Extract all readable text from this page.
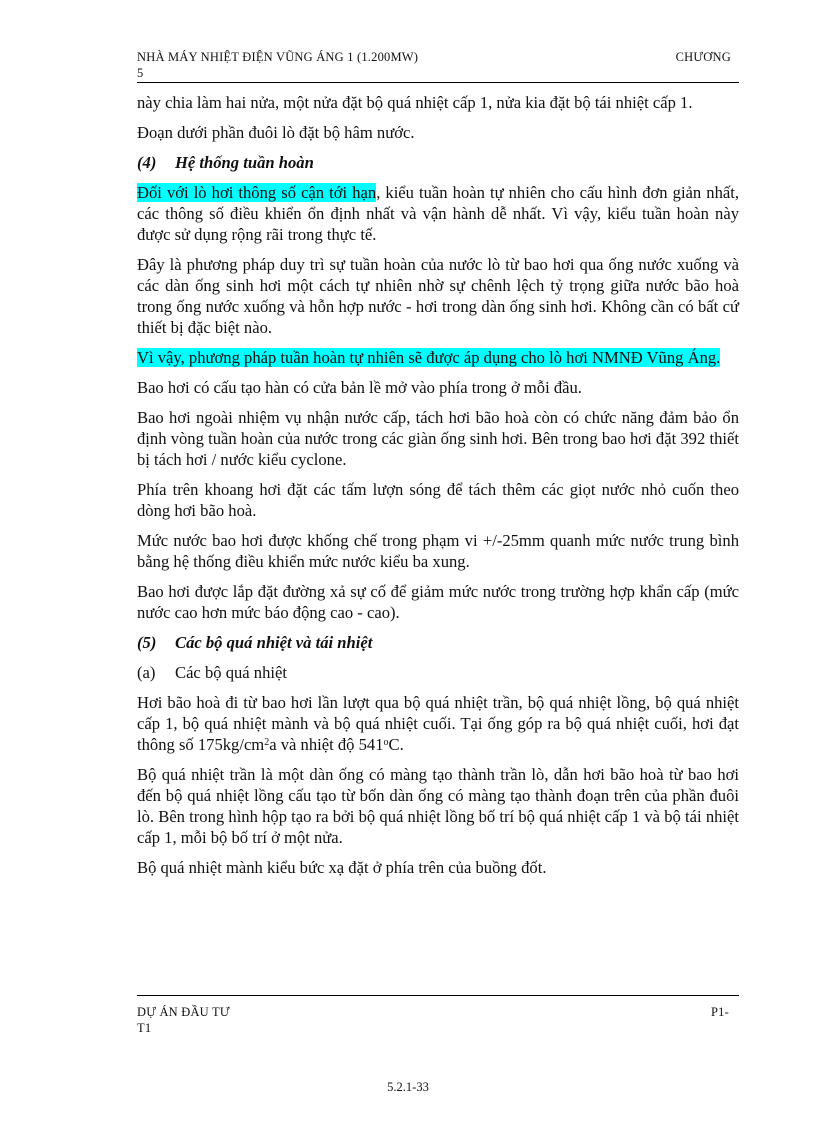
NHÀ MÁY NHIỆT ĐIỆN VŨNG ÁNG 1 (1.200MW)	CHƯƠNG
5

này chia làm hai nửa, một nửa đặt bộ quá nhiệt cấp 1, nửa kia đặt bộ tái nhiệt cấp 1.

Đoạn dưới phần đuôi lò đặt bộ hâm nước.

(4) Hệ thống tuần hoàn

Đối với lò hơi thông số cận tới hạn, kiểu tuần hoàn tự nhiên cho cấu hình đơn giản nhất, các thông số điều khiển ổn định nhất và vận hành dễ nhất. Vì vậy, kiểu tuần hoàn này được sử dụng rộng rãi trong thực tế.

Đây là phương pháp duy trì sự tuần hoàn của nước lò từ bao hơi qua ống nước xuống và các dàn ống sinh hơi một cách tự nhiên nhờ sự chênh lệch tỷ trọng giữa nước bão hoà trong ống nước xuống và hỗn hợp nước - hơi trong dàn ống sinh hơi. Không cần có bất cứ thiết bị đặc biệt nào.

Vì vậy, phương pháp tuần hoàn tự nhiên sẽ được áp dụng cho lò hơi NMNĐ Vũng Áng.

Bao hơi có cấu tạo hàn có cửa bản lề mở vào phía trong ở mỗi đầu.

Bao hơi ngoài nhiệm vụ nhận nước cấp, tách hơi bão hoà còn có chức năng đảm bảo ổn định vòng tuần hoàn của nước trong các giàn ống sinh hơi. Bên trong bao hơi đặt 392 thiết bị tách hơi / nước kiểu cyclone.

Phía trên khoang hơi đặt các tấm lượn sóng để tách thêm các giọt nước nhỏ cuốn theo dòng hơi bão hoà.

Mức nước bao hơi được khống chế trong phạm vi +/-25mm quanh mức nước trung bình bằng hệ thống điều khiển mức nước kiểu ba xung.

Bao hơi được lắp đặt đường xả sự cố để giảm mức nước trong trường hợp khẩn cấp (mức nước cao hơn mức báo động cao - cao).

(5) Các bộ quá nhiệt và tái nhiệt

(a) Các bộ quá nhiệt

Hơi bão hoà đi từ bao hơi lần lượt qua bộ quá nhiệt trần, bộ quá nhiệt lồng, bộ quá nhiệt cấp 1, bộ quá nhiệt mành và bộ quá nhiệt cuối. Tại ống góp ra bộ quá nhiệt cuối, hơi đạt thông số $175kg/cm^2a$ và nhiệt độ 541$^o$C.

Bộ quá nhiệt trần là một dàn ống có màng tạo thành trần lò, dẫn hơi bão hoà từ bao hơi đến bộ quá nhiệt lồng cấu tạo từ bốn dàn ống có màng tạo thành đoạn trên của phần đuôi lò. Bên trong hình hộp tạo ra bởi bộ quá nhiệt lồng bố trí bộ quá nhiệt cấp 1 và bộ tái nhiệt cấp 1, mỗi bộ bố trí ở một nửa.

Bộ quá nhiệt mành kiểu bức xạ đặt ở phía trên của buồng đốt.

DỰ ÁN ĐẦU TƯ	P1-
T1
5.2.1-33
